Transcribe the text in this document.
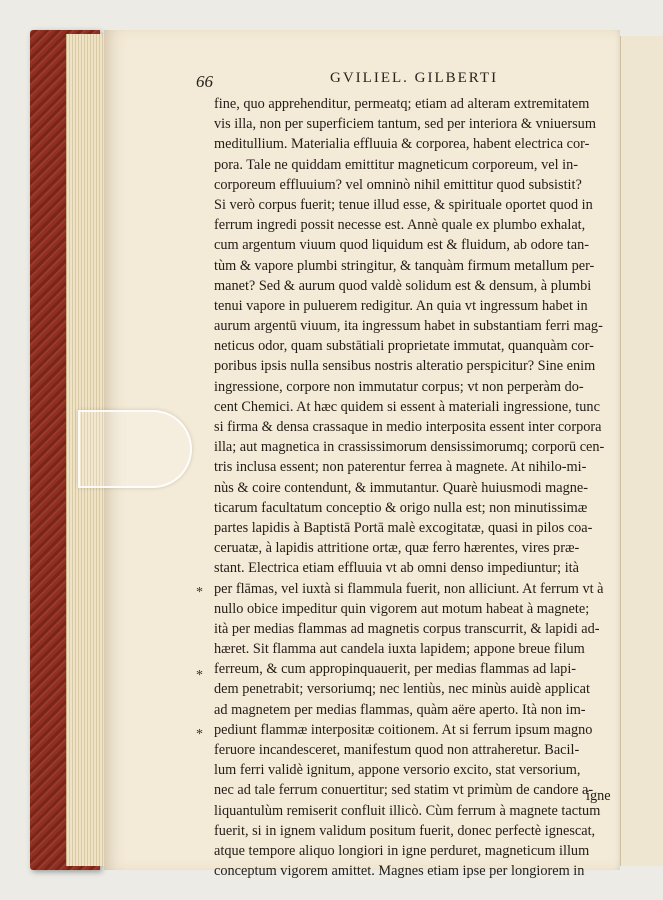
66	GVILIEL. GILBERTI
fine, quo apprehenditur, permeatq; etiam ad alteram extremitatem
vis illa, non per superficiem tantum, sed per interiora & vniuersum
meditullium. Materialia effluuia & corporea, habent electrica cor-
pora. Tale ne quiddam emittitur magneticum corporeum, vel in-
corporeum effluuium? vel omninò nihil emittitur quod subsistit?
Si verò corpus fuerit; tenue illud esse, & spirituale oportet quod in
ferrum ingredi possit necesse est. Annè quale ex plumbo exhalat,
cum argentum viuum quod liquidum est & fluidum, ab odore tan-
tùm & vapore plumbi stringitur, & tanquàm firmum metallum per-
manet? Sed & aurum quod valdè solidum est & densum, à plumbi
tenui vapore in puluerem redigitur. An quia vt ingressum habet in
aurum argentū viuum, ita ingressum habet in substantiam ferri mag-
neticus odor, quam substātiali proprietate immutat, quanquàm cor-
poribus ipsis nulla sensibus nostris alteratio perspicitur? Sine enim
ingressione, corpore non immutatur corpus; vt non perperàm do-
cent Chemici. At hæc quidem si essent à materiali ingressione, tunc
si firma & densa crassaque in medio interposita essent inter corpora
illa; aut magnetica in crassissimorum densissimorumq; corporū cen-
tris inclusa essent; non paterentur ferrea à magnete. At nihilo-mi-
nùs & coire contendunt, & immutantur. Quarè huiusmodi magne-
ticarum facultatum conceptio & origo nulla est; non minutissimæ
partes lapidis à Baptistā Portā malè excogitatæ, quasi in pilos coa-
ceruatæ, à lapidis attritione ortæ, quæ ferro hærentes, vires præ-
stant. Electrica etiam effluuia vt ab omni denso impediuntur; ità
per flāmas, vel iuxtà si flammula fuerit, non alliciunt. At ferrum vt à
nullo obice impeditur quin vigorem aut motum habeat à magnete;
ità per medias flammas ad magnetis corpus transcurrit, & lapidi ad-
hæret. Sit flamma aut candela iuxta lapidem; appone breue filum
ferreum, & cum appropinquauerit, per medias flammas ad lapi-
dem penetrabit; versoriumq; nec lentiùs, nec minùs auidè applicat
ad magnetem per medias flammas, quàm aëre aperto. Ità non im-
pediunt flammæ interpositæ coitionem. At si ferrum ipsum magno
feruore incandesceret, manifestum quod non attraheretur. Bacil-
lum ferri validè ignitum, appone versorio excito, stat versorium,
nec ad tale ferrum conuertitur; sed statim vt primùm de candore a-
liquantulùm remiserit confluit illicò. Cùm ferrum à magnete tactum
fuerit, si in ignem validum positum fuerit, donec perfectè ignescat,
atque tempore aliquo longiori in igne perduret, magneticum illum
conceptum vigorem amittet. Magnes etiam ipse per longiorem in
*
*
*
igne
